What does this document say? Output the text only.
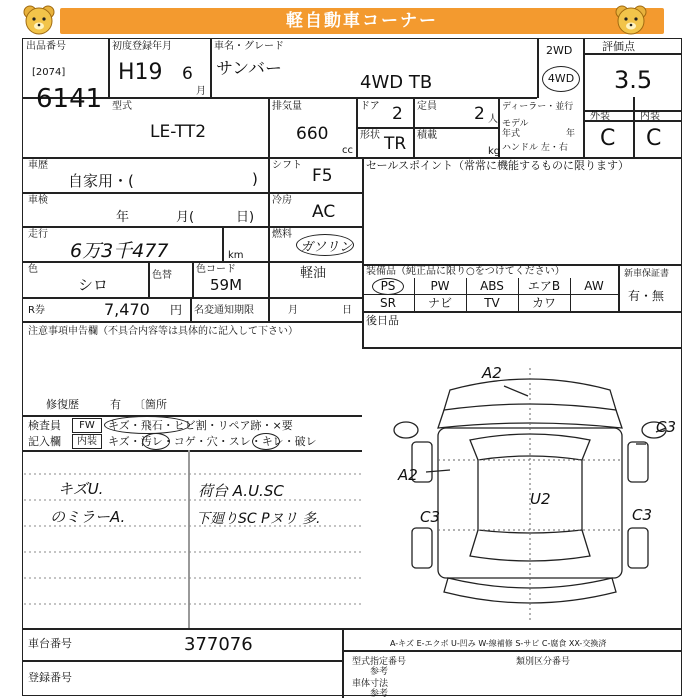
軽自動車コーナー
出品番号
[2074]
6141
初度登録年月
H19 6
月
車名・グレード
サンバー
4WD TB
2WD
4WD
評価点
3.5
外装	内装
C C
型式
LE-TT2
排気量
660
cc
ドア 2 定員 2 人
形状 TR 積載
kg
ディーラー・並行
モデル
年式	年
ハンドル 左・右
車歴
自家用・(	)
シフト
F5
車検
年	月(	日)
冷房
AC
走行
6万3千477	km
燃料
ガソリン
軽油
色
シロ
色替
色コード
59M
R券	7,470 円 名変通知期限	月	日
注意事項申告欄（不具合内容等は具体的に記入して下さい）
修復歴	有 〔箇所
検査員
記入欄
FW	キズ・飛石・ヒビ割・リペア跡・×要
内装	キズ・汚レ・コゲ・穴・スレ・キレ・破レ
キズU.
のミラーA.
荷台 A.U.SC
下廻りSC Pヌリ 多.
セールスポイント（常常に機能するものに限ります）
装備品（純正品に限り○をつけてください）	新車保証書
有・無
PS	PW	ABS	エアB	AW
SR	ナビ	TV	カワ
後日品
A2
A2
U2
C3	C3
C3
車台番号	377076
登録番号
A-キズ E-エクボ U-凹み W-線補修 S-サビ C-腐食 XX-交換済
型式指定番号
参考
類別区分番号
車体寸法
参考
